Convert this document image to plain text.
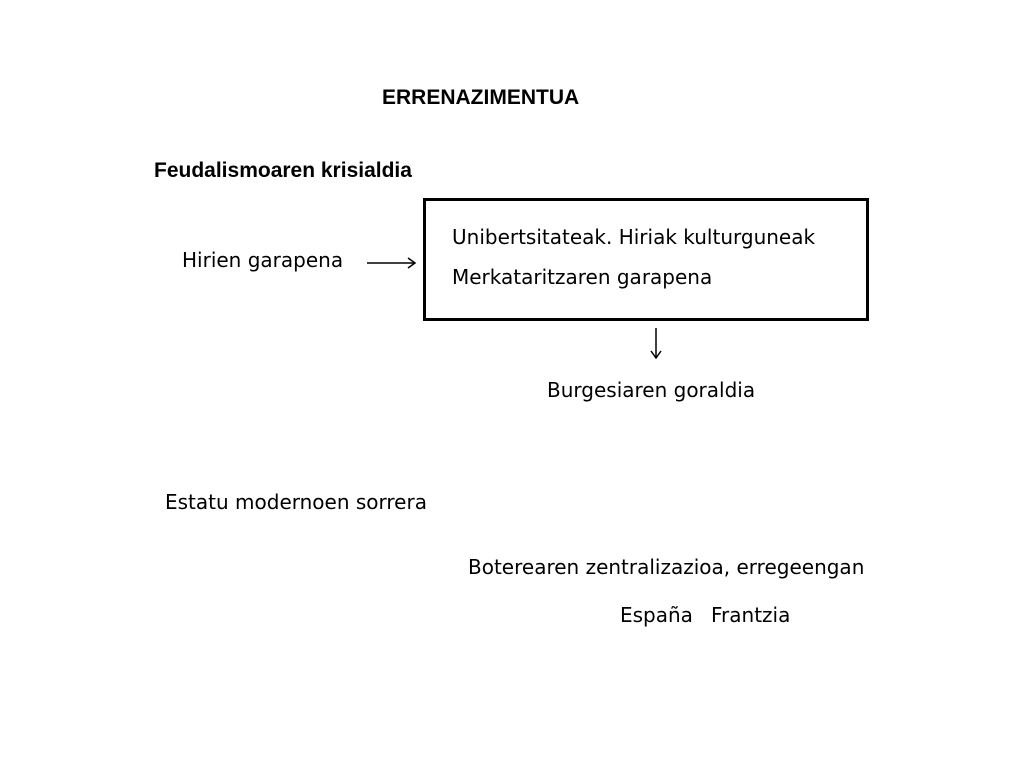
ERRENAZIMENTUA
Feudalismoaren krisialdia
Hirien garapena
Unibertsitateak. Hiriak kulturguneak
Merkataritzaren garapena
Burgesiaren goraldia
Estatu modernoen sorrera
Boterearen zentralizazioa, erregeengan
España Frantzia
